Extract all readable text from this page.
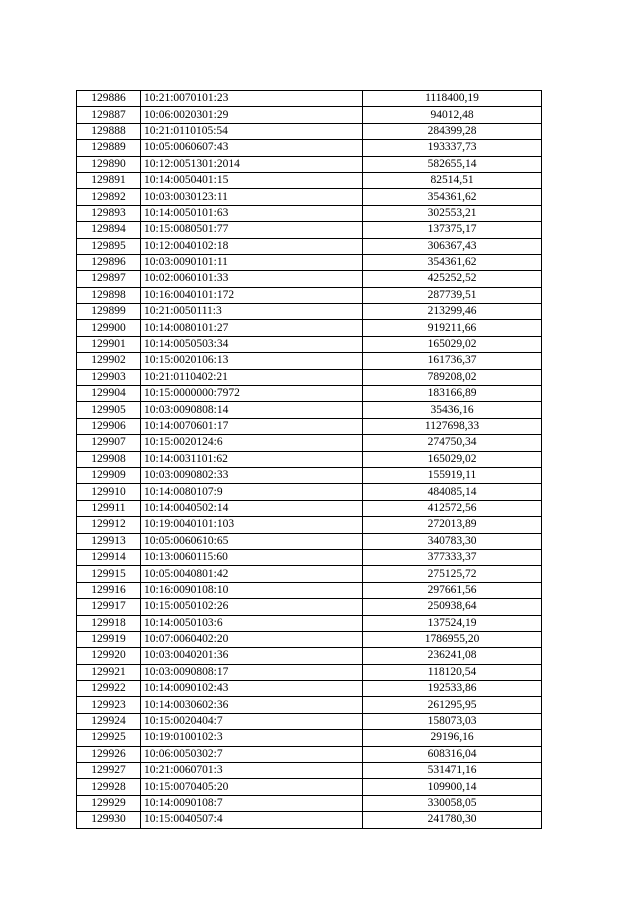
129886	10:21:0070101:23	1118400,19
129887	10:06:0020301:29	94012,48
129888	10:21:0110105:54	284399,28
129889	10:05:0060607:43	193337,73
129890	10:12:0051301:2014	582655,14
129891	10:14:0050401:15	82514,51
129892	10:03:0030123:11	354361,62
129893	10:14:0050101:63	302553,21
129894	10:15:0080501:77	137375,17
129895	10:12:0040102:18	306367,43
129896	10:03:0090101:11	354361,62
129897	10:02:0060101:33	425252,52
129898	10:16:0040101:172	287739,51
129899	10:21:0050111:3	213299,46
129900	10:14:0080101:27	919211,66
129901	10:14:0050503:34	165029,02
129902	10:15:0020106:13	161736,37
129903	10:21:0110402:21	789208,02
129904	10:15:0000000:7972	183166,89
129905	10:03:0090808:14	35436,16
129906	10:14:0070601:17	1127698,33
129907	10:15:0020124:6	274750,34
129908	10:14:0031101:62	165029,02
129909	10:03:0090802:33	155919,11
129910	10:14:0080107:9	484085,14
129911	10:14:0040502:14	412572,56
129912	10:19:0040101:103	272013,89
129913	10:05:0060610:65	340783,30
129914	10:13:0060115:60	377333,37
129915	10:05:0040801:42	275125,72
129916	10:16:0090108:10	297661,56
129917	10:15:0050102:26	250938,64
129918	10:14:0050103:6	137524,19
129919	10:07:0060402:20	1786955,20
129920	10:03:0040201:36	236241,08
129921	10:03:0090808:17	118120,54
129922	10:14:0090102:43	192533,86
129923	10:14:0030602:36	261295,95
129924	10:15:0020404:7	158073,03
129925	10:19:0100102:3	29196,16
129926	10:06:0050302:7	608316,04
129927	10:21:0060701:3	531471,16
129928	10:15:0070405:20	109900,14
129929	10:14:0090108:7	330058,05
129930	10:15:0040507:4	241780,30
